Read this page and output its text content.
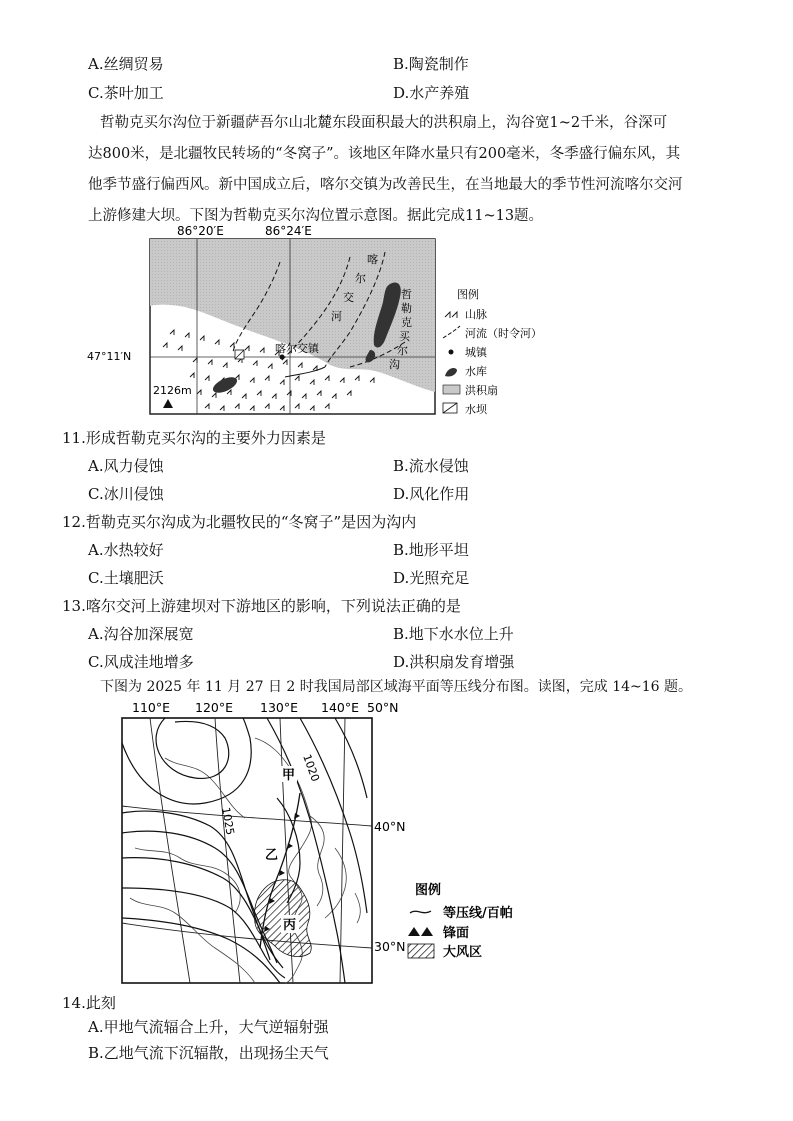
A.丝绸贸易	B.陶瓷制作
C.茶叶加工	D.水产养殖
哲勒克买尔沟位于新疆萨吾尔山北麓东段面积最大的洪积扇上，沟谷宽1~2千米，谷深可
达800米，是北疆牧民转场的“冬窝子”。该地区年降水量只有200毫米，冬季盛行偏东风，其
他季节盛行偏西风。新中国成立后，喀尔交镇为改善民生，在当地最大的季节性河流喀尔交河
上游修建大坝。下图为哲勒克买尔沟位置示意图。据此完成11~13题。
86°20′E	86°24′E
47°11′N
喀尔交镇
2126m
喀
尔
交
河
哲
勒
克
买
尔
沟
图例
山脉
河流（时令河）
城镇
水库
洪积扇
水坝
11.形成哲勒克买尔沟的主要外力因素是
A.风力侵蚀	B.流水侵蚀
C.冰川侵蚀	D.风化作用
12.哲勒克买尔沟成为北疆牧民的“冬窝子”是因为沟内
A.水热较好	B.地形平坦
C.土壤肥沃	D.光照充足
13.喀尔交河上游建坝对下游地区的影响，下列说法正确的是
A.沟谷加深展宽	B.地下水水位上升
C.风成洼地增多	D.洪积扇发育增强
下图为 2025 年 11 月 27 日 2 时我国局部区域海平面等压线分布图。读图，完成 14~16 题。
110°E 120°E 130°E 140°E 50°N
1020
1025
甲
乙
丙
40°N
30°N
图例
等压线/百帕
锋面
大风区
14.此刻
A.甲地气流辐合上升，大气逆辐射强
B.乙地气流下沉辐散，出现扬尘天气
